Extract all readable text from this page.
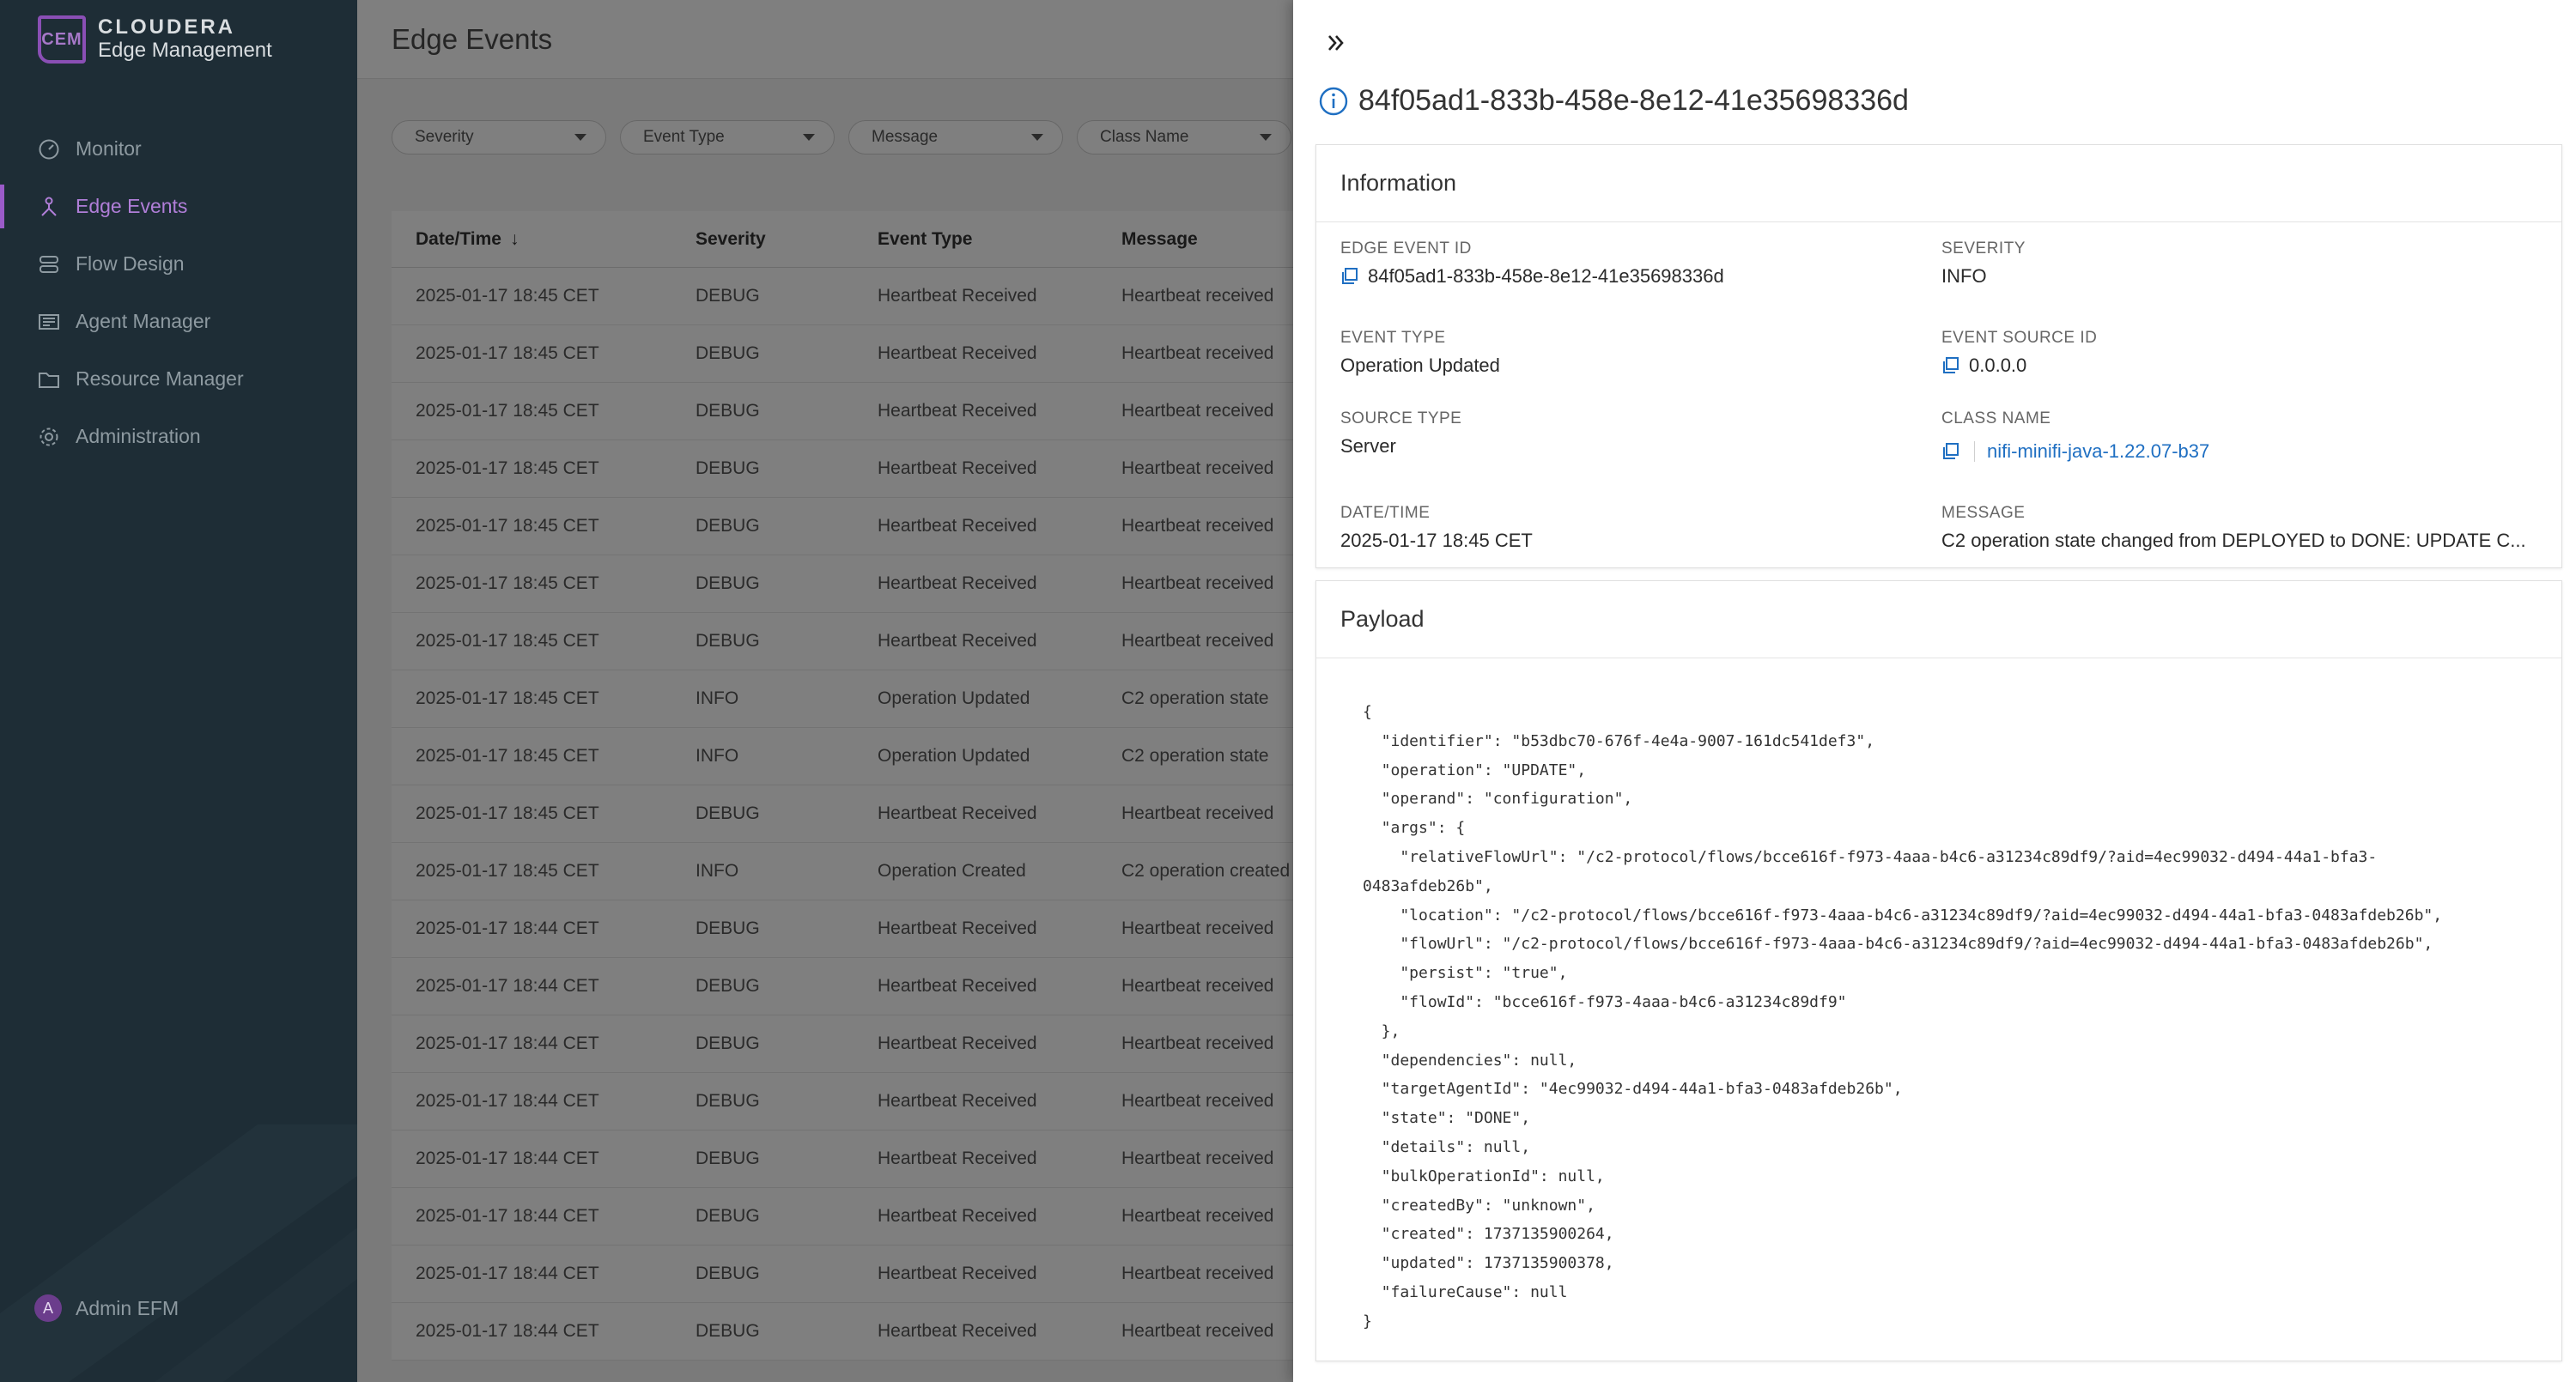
CEM
CLOUDERA
Edge Management
Monitor
Edge Events
Flow Design
Agent Manager
Resource Manager
Administration
A	Admin EFM
84f05ad1-833b-458e-8e12-41e35698336d
Information
EDGE EVENT ID
84f05ad1-833b-458e-8e12-41e35698336d
SEVERITY
INFO
EVENT TYPE
Operation Updated
EVENT SOURCE ID
0.0.0.0
SOURCE TYPE
Server
CLASS NAME
nifi-minifi-java-1.22.07-b37
DATE/TIME
2025-01-17 18:45 CET
MESSAGE
C2 operation state changed from DEPLOYED to DONE: UPDATE C...
Payload
{
"identifier": "b53dbc70-676f-4e4a-9007-161dc541def3",
"operation": "UPDATE",
"operand": "configuration",
"args": {
"relativeFlowUrl": "/c2-protocol/flows/bcce616f-f973-4aaa-b4c6-a31234c89df9/?aid=4ec99032-d494-44a1-bfa3-
0483afdeb26b",
"location": "/c2-protocol/flows/bcce616f-f973-4aaa-b4c6-a31234c89df9/?aid=4ec99032-d494-44a1-bfa3-0483afdeb26b",
"flowUrl": "/c2-protocol/flows/bcce616f-f973-4aaa-b4c6-a31234c89df9/?aid=4ec99032-d494-44a1-bfa3-0483afdeb26b",
"persist": "true",
"flowId": "bcce616f-f973-4aaa-b4c6-a31234c89df9"
},
"dependencies": null,
"targetAgentId": "4ec99032-d494-44a1-bfa3-0483afdeb26b",
"state": "DONE",
"details": null,
"bulkOperationId": null,
"createdBy": "unknown",
"created": 1737135900264,
"updated": 1737135900378,
"failureCause": null
}
